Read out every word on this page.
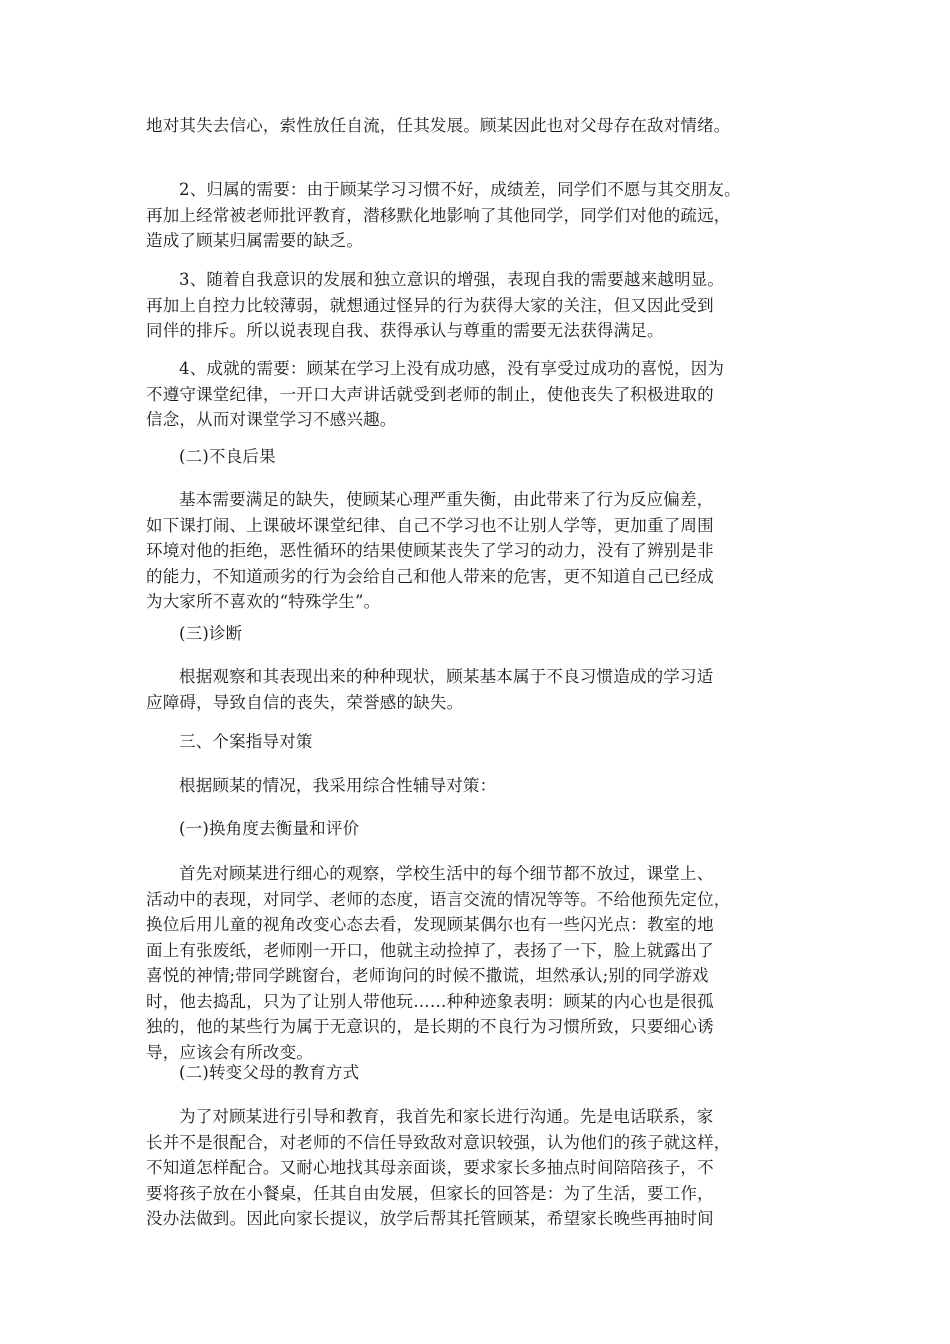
地对其失去信心，索性放任自流，任其发展。顾某因此也对父母存在敌对情绪。
2、归属的需要：由于顾某学习习惯不好，成绩差，同学们不愿与其交朋友。
再加上经常被老师批评教育，潜移默化地影响了其他同学，同学们对他的疏远，
造成了顾某归属需要的缺乏。
3、随着自我意识的发展和独立意识的增强，表现自我的需要越来越明显。
再加上自控力比较薄弱，就想通过怪异的行为获得大家的关注，但又因此受到
同伴的排斥。所以说表现自我、获得承认与尊重的需要无法获得满足。
4、成就的需要：顾某在学习上没有成功感，没有享受过成功的喜悦，因为
不遵守课堂纪律，一开口大声讲话就受到老师的制止，使他丧失了积极进取的
信念，从而对课堂学习不感兴趣。
(二)不良后果
基本需要满足的缺失，使顾某心理严重失衡，由此带来了行为反应偏差，
如下课打闹、上课破坏课堂纪律、自己不学习也不让别人学等，更加重了周围
环境对他的拒绝，恶性循环的结果使顾某丧失了学习的动力，没有了辨别是非
的能力，不知道顽劣的行为会给自己和他人带来的危害，更不知道自己已经成
为大家所不喜欢的“特殊学生”。
(三)诊断
根据观察和其表现出来的种种现状，顾某基本属于不良习惯造成的学习适
应障碍，导致自信的丧失，荣誉感的缺失。
三、个案指导对策
根据顾某的情况，我采用综合性辅导对策：
(一)换角度去衡量和评价
首先对顾某进行细心的观察，学校生活中的每个细节都不放过，课堂上、
活动中的表现，对同学、老师的态度，语言交流的情况等等。不给他预先定位，
换位后用儿童的视角改变心态去看，发现顾某偶尔也有一些闪光点：教室的地
面上有张废纸，老师刚一开口，他就主动捡掉了，表扬了一下，脸上就露出了
喜悦的神情;带同学跳窗台，老师询问的时候不撒谎，坦然承认;别的同学游戏
时，他去捣乱，只为了让别人带他玩……种种迹象表明：顾某的内心也是很孤
独的，他的某些行为属于无意识的，是长期的不良行为习惯所致，只要细心诱
导，应该会有所改变。
(二)转变父母的教育方式
为了对顾某进行引导和教育，我首先和家长进行沟通。先是电话联系，家
长并不是很配合，对老师的不信任导致敌对意识较强，认为他们的孩子就这样，
不知道怎样配合。又耐心地找其母亲面谈，要求家长多抽点时间陪陪孩子，不
要将孩子放在小餐桌，任其自由发展，但家长的回答是：为了生活，要工作，
没办法做到。因此向家长提议，放学后帮其托管顾某，希望家长晚些再抽时间
